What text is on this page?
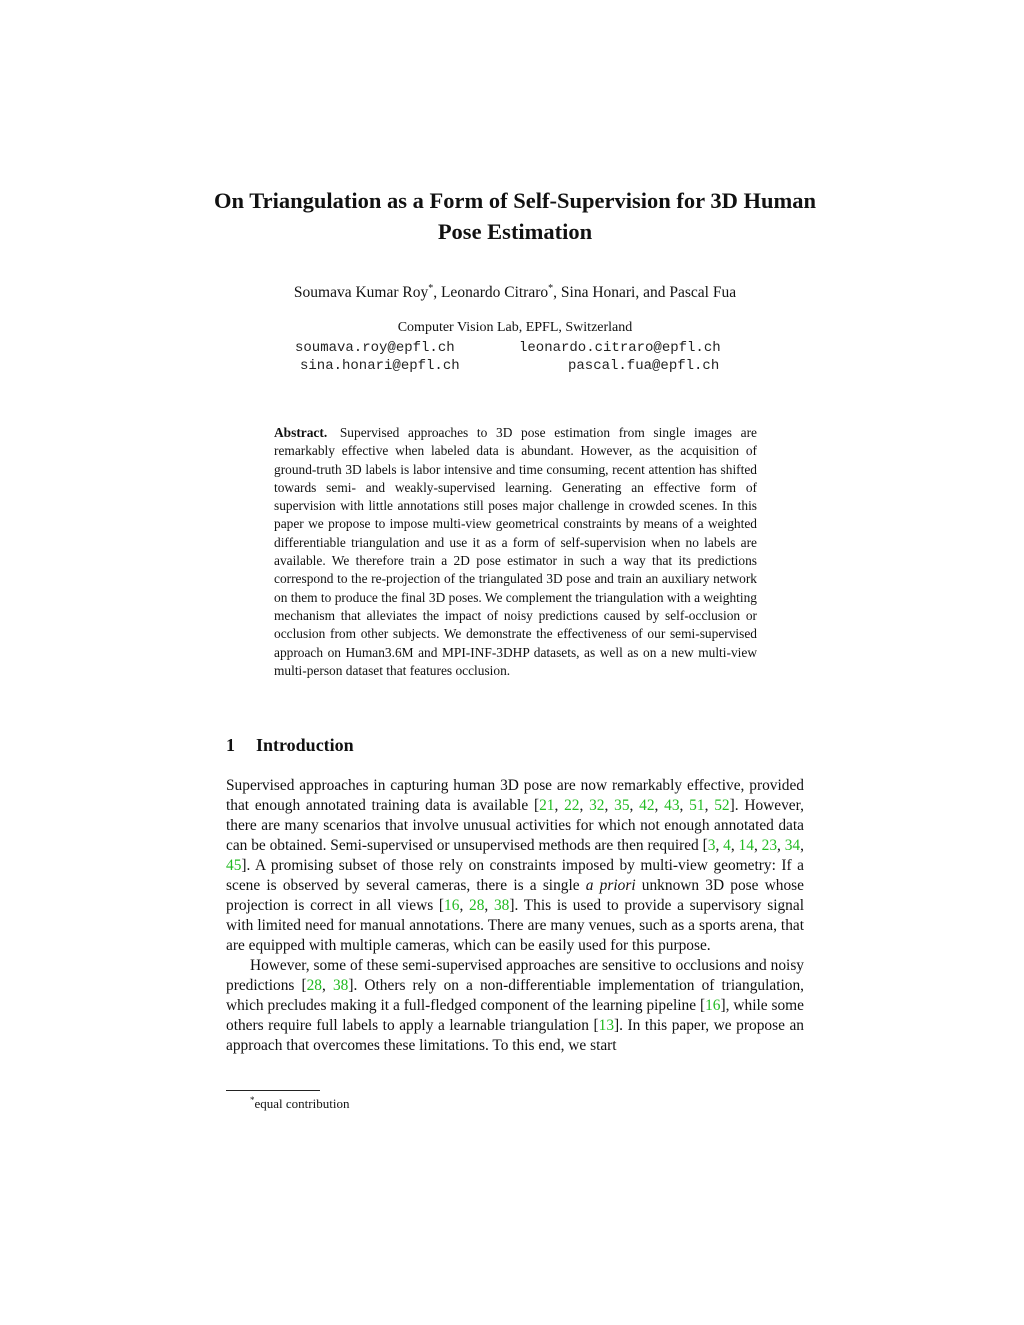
On Triangulation as a Form of Self-Supervision for 3D Human Pose Estimation
Soumava Kumar Roy*, Leonardo Citraro*, Sina Honari, and Pascal Fua
Computer Vision Lab, EPFL, Switzerland
soumava.roy@epfl.ch	leonardo.citraro@epfl.ch
sina.honari@epfl.ch	pascal.fua@epfl.ch
Abstract. Supervised approaches to 3D pose estimation from single images are remarkably effective when labeled data is abundant. However, as the acquisition of ground-truth 3D labels is labor intensive and time consuming, recent attention has shifted towards semi- and weakly-supervised learning. Generating an effective form of supervision with little annotations still poses major challenge in crowded scenes. In this paper we propose to impose multi-view geometrical constraints by means of a weighted differentiable triangulation and use it as a form of self-supervision when no labels are available. We therefore train a 2D pose estimator in such a way that its predictions correspond to the re-projection of the triangulated 3D pose and train an auxiliary network on them to produce the final 3D poses. We complement the triangulation with a weighting mechanism that alleviates the impact of noisy predictions caused by self-occlusion or occlusion from other subjects. We demonstrate the effectiveness of our semi-supervised approach on Human3.6M and MPI-INF-3DHP datasets, as well as on a new multi-view multi-person dataset that features occlusion.
1 Introduction

Supervised approaches in capturing human 3D pose are now remarkably effective, provided that enough annotated training data is available [21, 22, 32, 35, 42, 43, 51, 52]. However, there are many scenarios that involve unusual activities for which not enough annotated data can be obtained. Semi-supervised or unsupervised methods are then required [3, 4, 14, 23, 34, 45]. A promising subset of those rely on constraints imposed by multi-view geometry: If a scene is observed by several cameras, there is a single a priori unknown 3D pose whose projection is correct in all views [16, 28, 38]. This is used to provide a supervisory signal with limited need for manual annotations. There are many venues, such as a sports arena, that are equipped with multiple cameras, which can be easily used for this purpose.

However, some of these semi-supervised approaches are sensitive to occlusions and noisy predictions [28, 38]. Others rely on a non-differentiable implementation of triangulation, which precludes making it a full-fledged component of the learning pipeline [16], while some others require full labels to apply a learnable triangulation [13]. In this paper, we propose an approach that overcomes these limitations. To this end, we start

*equal contribution
